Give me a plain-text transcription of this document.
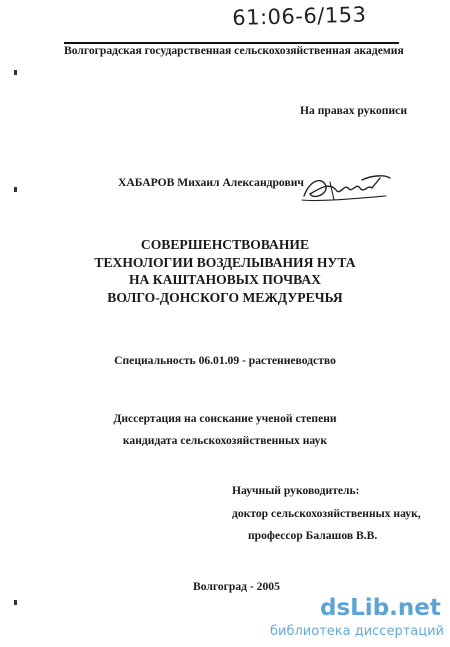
61:06-6/153
Волгоградская государственная сельскохозяйственная академия
На правах рукописи
ХАБАРОВ Михаил Александрович
СОВЕРШЕНСТВОВАНИЕ
ТЕХНОЛОГИИ ВОЗДЕЛЫВАНИЯ НУТА
НА КАШТАНОВЫХ ПОЧВАХ
ВОЛГО-ДОНСКОГО МЕЖДУРЕЧЬЯ
Специальность 06.01.09 - растениеводство
Диссертация на соискание ученой степени
кандидата сельскохозяйственных наук
Научный руководитель:
доктор сельскохозяйственных наук,
профессор Балашов В.В.
Волгоград - 2005
dsLib.net
библиотека диссертаций
